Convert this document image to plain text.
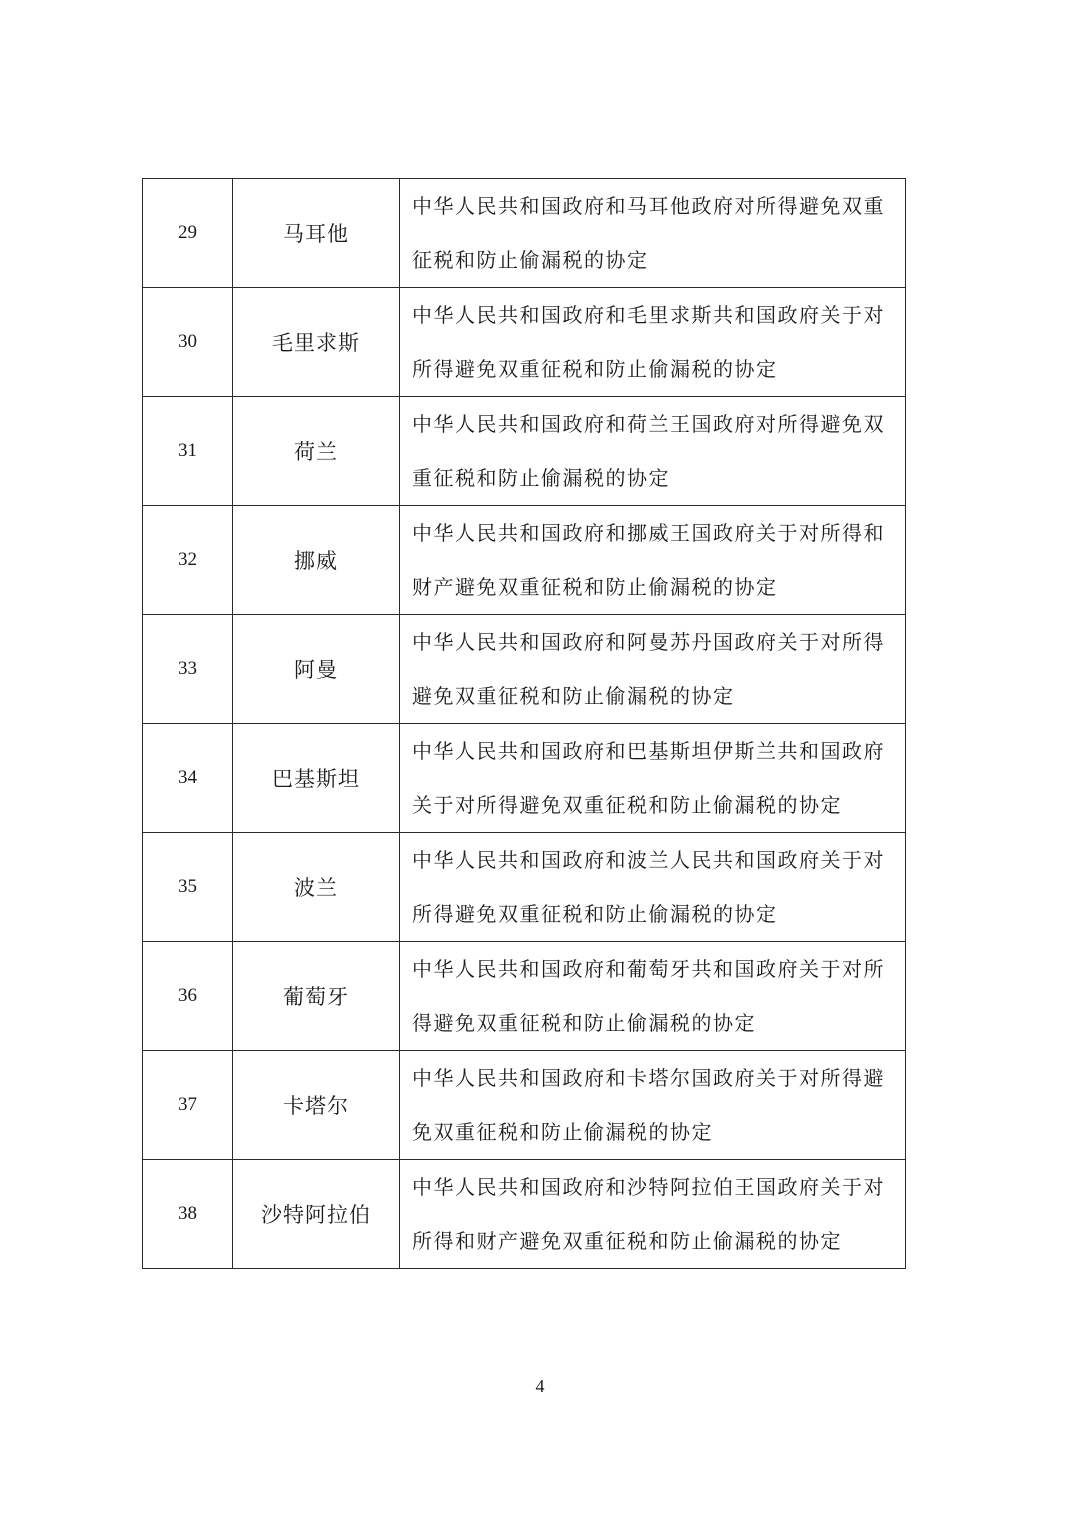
29	马耳他	中华人民共和国政府和马耳他政府对所得避免双重征税和防止偷漏税的协定
30	毛里求斯	中华人民共和国政府和毛里求斯共和国政府关于对所得避免双重征税和防止偷漏税的协定
31	荷兰	中华人民共和国政府和荷兰王国政府对所得避免双重征税和防止偷漏税的协定
32	挪威	中华人民共和国政府和挪威王国政府关于对所得和财产避免双重征税和防止偷漏税的协定
33	阿曼	中华人民共和国政府和阿曼苏丹国政府关于对所得避免双重征税和防止偷漏税的协定
34	巴基斯坦	中华人民共和国政府和巴基斯坦伊斯兰共和国政府关于对所得避免双重征税和防止偷漏税的协定
35	波兰	中华人民共和国政府和波兰人民共和国政府关于对所得避免双重征税和防止偷漏税的协定
36	葡萄牙	中华人民共和国政府和葡萄牙共和国政府关于对所得避免双重征税和防止偷漏税的协定
37	卡塔尔	中华人民共和国政府和卡塔尔国政府关于对所得避免双重征税和防止偷漏税的协定
38	沙特阿拉伯	中华人民共和国政府和沙特阿拉伯王国政府关于对所得和财产避免双重征税和防止偷漏税的协定
4
